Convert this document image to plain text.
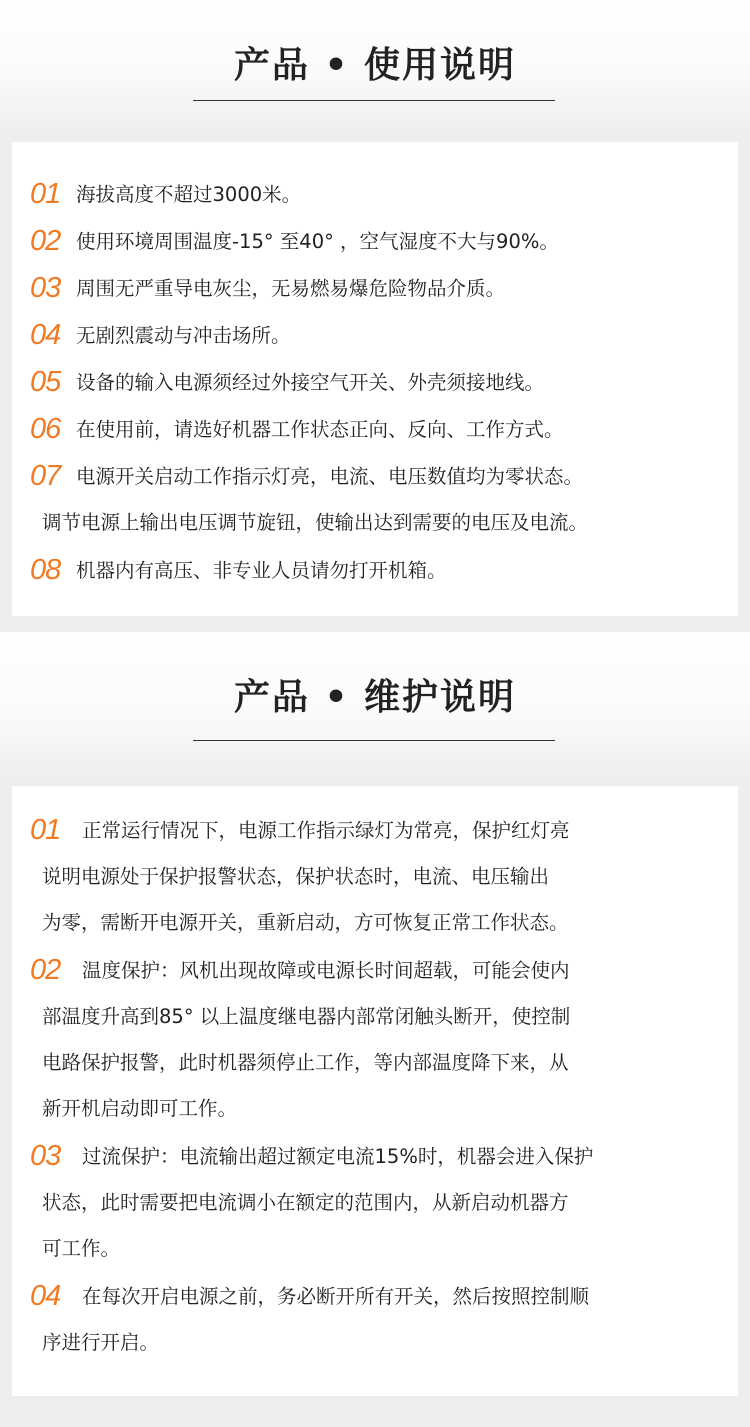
产品 • 使用说明
01 海拔高度不超过3000米。
02 使用环境周围温度-15° 至40° ，空气湿度不大与90%。
03 周围无严重导电灰尘，无易燃易爆危险物品介质。
04 无剧烈震动与冲击场所。
05 设备的输入电源须经过外接空气开关、外壳须接地线。
06 在使用前，请选好机器工作状态正向、反向、工作方式。
07 电源开关启动工作指示灯亮，电流、电压数值均为零状态。
调节电源上输出电压调节旋钮，使输出达到需要的电压及电流。
08 机器内有高压、非专业人员请勿打开机箱。
产品 • 维护说明
01 正常运行情况下，电源工作指示绿灯为常亮，保护红灯亮
说明电源处于保护报警状态，保护状态时，电流、电压输出
为零，需断开电源开关，重新启动，方可恢复正常工作状态。
02 温度保护：风机出现故障或电源长时间超载，可能会使内
部温度升高到85° 以上温度继电器内部常闭触头断开，使控制
电路保护报警，此时机器须停止工作，等内部温度降下来，从
新开机启动即可工作。
03 过流保护：电流输出超过额定电流15%时，机器会进入保护
状态，此时需要把电流调小在额定的范围内，从新启动机器方
可工作。
04 在每次开启电源之前，务必断开所有开关，然后按照控制顺
序进行开启。
